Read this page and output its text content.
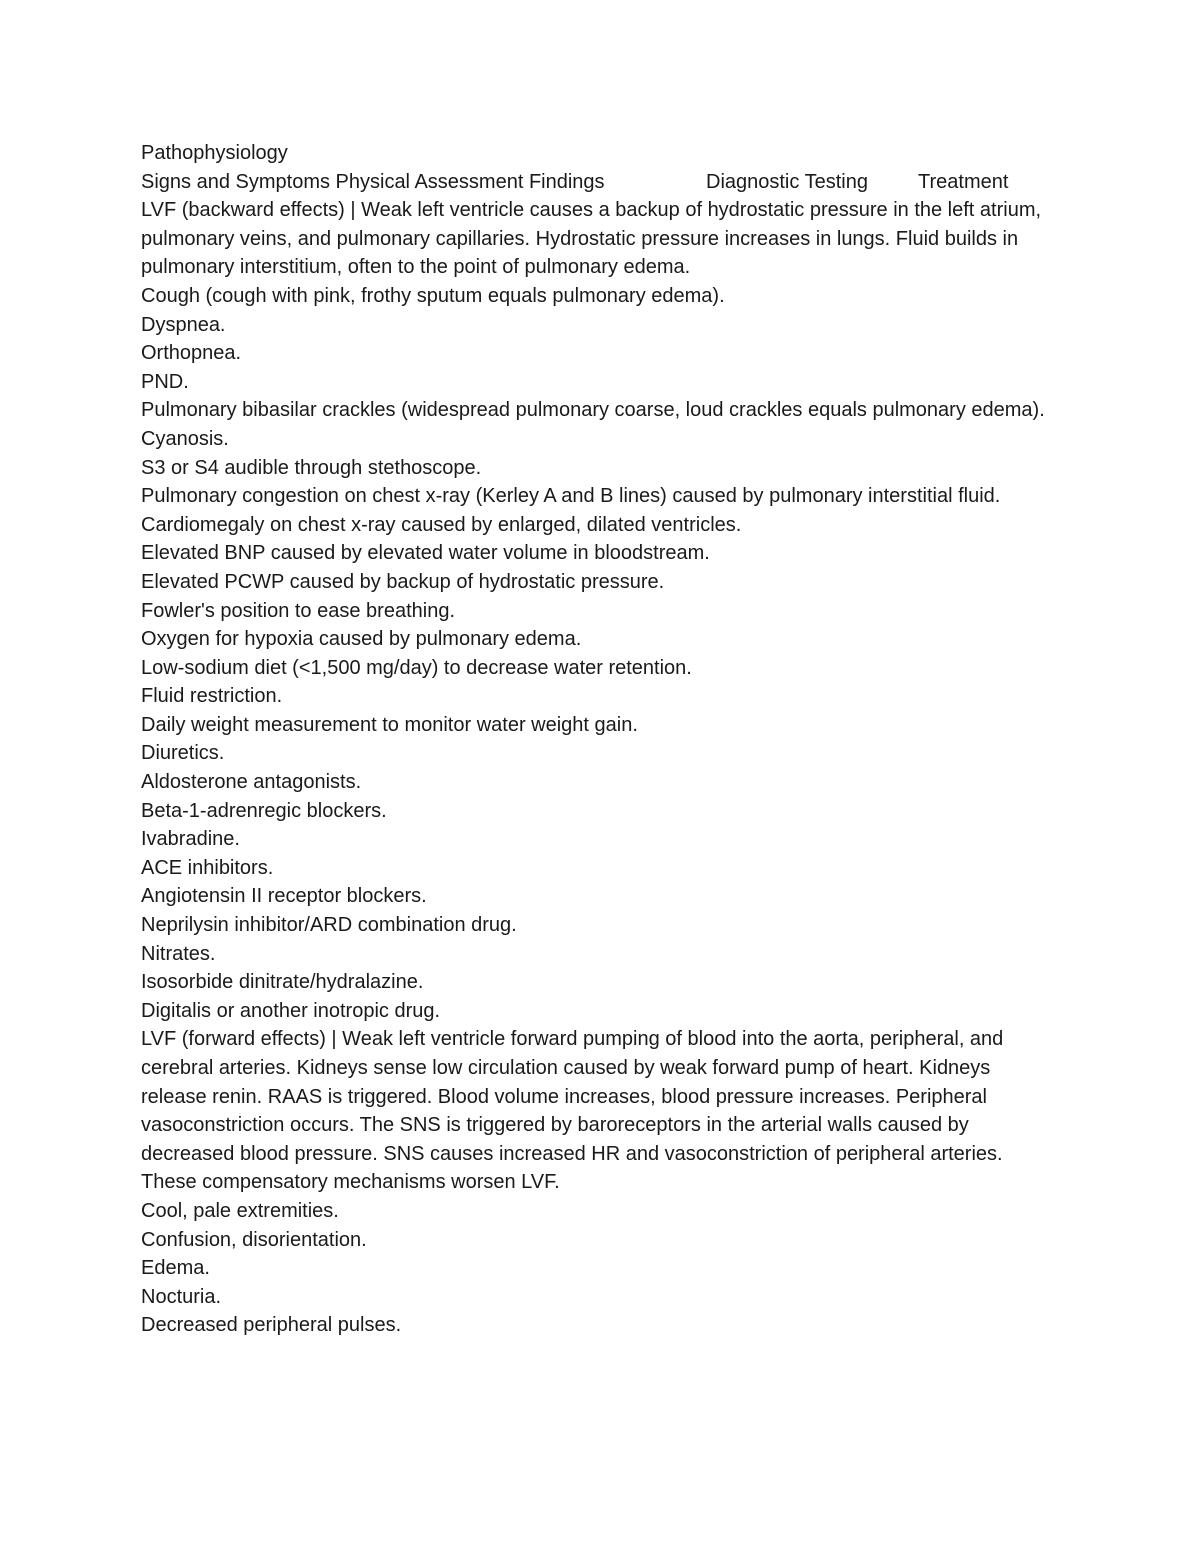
Pathophysiology

Signs and Symptoms Physical Assessment Findings	Diagnostic Testing	Treatment

LVF (backward effects) | Weak left ventricle causes a backup of hydrostatic pressure in the left atrium, pulmonary veins, and pulmonary capillaries. Hydrostatic pressure increases in lungs. Fluid builds in pulmonary interstitium, often to the point of pulmonary edema.

Cough (cough with pink, frothy sputum equals pulmonary edema).

Dyspnea.

Orthopnea.

PND.

Pulmonary bibasilar crackles (widespread pulmonary coarse, loud crackles equals pulmonary edema).

Cyanosis.

S3 or S4 audible through stethoscope.

Pulmonary congestion on chest x-ray (Kerley A and B lines) caused by pulmonary interstitial fluid.

Cardiomegaly on chest x-ray caused by enlarged, dilated ventricles.

Elevated BNP caused by elevated water volume in bloodstream.

Elevated PCWP caused by backup of hydrostatic pressure.

Fowler's position to ease breathing.

Oxygen for hypoxia caused by pulmonary edema.

Low-sodium diet (<1,500 mg/day) to decrease water retention.

Fluid restriction.

Daily weight measurement to monitor water weight gain.

Diuretics.

Aldosterone antagonists.

Beta-1-adrenregic blockers.

Ivabradine.

ACE inhibitors.

Angiotensin II receptor blockers.

Neprilysin inhibitor/ARD combination drug.

Nitrates.

Isosorbide dinitrate/hydralazine.

Digitalis or another inotropic drug.

LVF (forward effects) | Weak left ventricle forward pumping of blood into the aorta, peripheral, and cerebral arteries. Kidneys sense low circulation caused by weak forward pump of heart. Kidneys release renin. RAAS is triggered. Blood volume increases, blood pressure increases. Peripheral vasoconstriction occurs. The SNS is triggered by baroreceptors in the arterial walls caused by decreased blood pressure. SNS causes increased HR and vasoconstriction of peripheral arteries. These compensatory mechanisms worsen LVF.

Cool, pale extremities.

Confusion, disorientation.

Edema.

Nocturia.

Decreased peripheral pulses.
